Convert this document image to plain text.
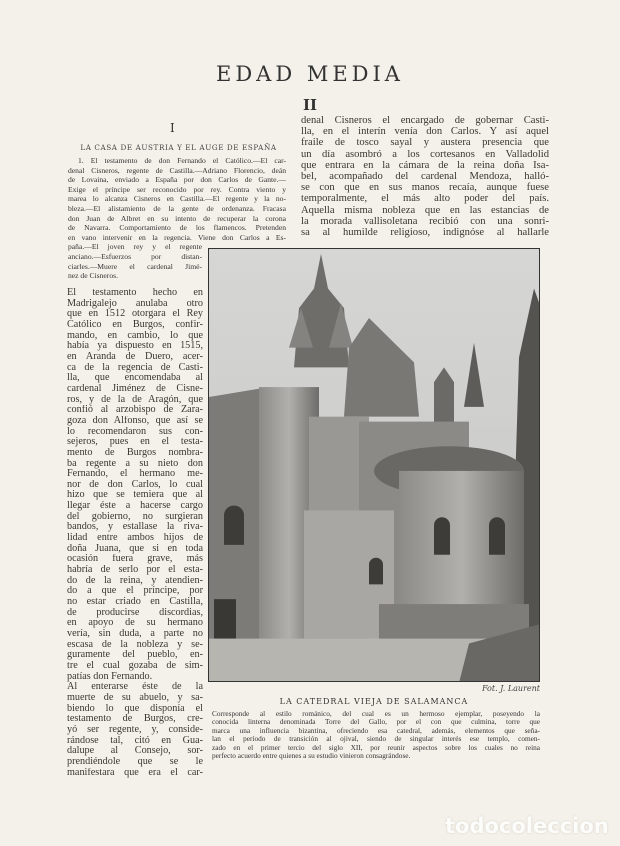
EDAD MEDIA
II
I
LA CASA DE AUSTRIA Y EL AUGE DE ESPAÑA
1. El testamento de don Fernando el Católico.—El car-
denal Cisneros, regente de Castilla.—Adriano Florencio, deán
de Lovaina, enviado a España por don Carlos de Gante.—
Exige el príncipe ser reconocido por rey. Contra viento y
marea lo alcanza Cisneros en Castilla.—El regente y la no-
bleza.—El alistamiento de la gente de ordenanza. Fracasa
don Juan de Albret en su intento de recuperar la corona
de Navarra. Comportamiento de los flamencos. Pretenden
en vano intervenir en la regencia. Viene don Carlos a Es-
paña.—El joven rey y el regente
anciano.—Esfuerzos por distan-
ciarles.—Muere el cardenal Jimé-
nez de Cisneros.
El testamento hecho en
Madrigalejo anulaba otro
que en 1512 otorgara el Rey
Católico en Burgos, confir-
mando, en cambio, lo que
había ya dispuesto en 1515,
en Aranda de Duero, acer-
ca de la regencia de Casti-
lla, que encomendaba al
cardenal Jiménez de Cisne-
ros, y de la de Aragón, que
confió al arzobispo de Zara-
goza don Alfonso, que así se
lo recomendaron sus con-
sejeros, pues en el testa-
mento de Burgos nombra-
ba regente a su nieto don
Fernando, el hermano me-
nor de don Carlos, lo cual
hizo que se temiera que al
llegar éste a hacerse cargo
del gobierno, no surgieran
bandos, y estallase la riva-
lidad entre ambos hijos de
doña Juana, que si en toda
ocasión fuera grave, más
habría de serlo por el esta-
do de la reina, y atendien-
do a que el príncipe, por
no estar criado en Castilla,
de producirse discordias,
en apoyo de su hermano
vería, sin duda, a parte no
escasa de la nobleza y se-
guramente del pueblo, en-
tre el cual gozaba de sim-
patías don Fernando.
Al enterarse éste de la
muerte de su abuelo, y sa-
biendo lo que disponía el
testamento de Burgos, cre-
yó ser regente, y, conside-
rándose tal, citó en Gua-
dalupe al Consejo, sor-
prendiéndole que se le
manifestara que era el car-
denal Cisneros el encargado de gobernar Casti-
lla, en el interín venía don Carlos. Y así aquel
fraile de tosco sayal y austera presencia que
un día asombró a los cortesanos en Valladolid
que entrara en la cámara de la reina doña Isa-
bel, acompañado del cardenal Mendoza, halló-
se con que en sus manos recaía, aunque fuese
temporalmente, el más alto poder del país.
Aquella misma nobleza que en las estancias de
la morada vallisoletana recibió con una sonri-
sa al humilde religioso, indignóse al hallarle
Fot. J. Laurent
LA CATEDRAL VIEJA DE SALAMANCA
Corresponde al estilo románico, del cual es un hermoso ejemplar, poseyendo la
conocida linterna denominada Torre del Gallo, por el con que culmina, torre que
marca una influencia bizantina, ofreciendo esa catedral, además, elementos que seña-
lan el período de transición al ojival, siendo de singular interés ese templo, comen-
zado en el primer tercio del siglo XII, por reunir aspectos sobre los cuales no reina
perfecto acuerdo entre quienes a su estudio vinieron consagrándose.
todocoleccion
